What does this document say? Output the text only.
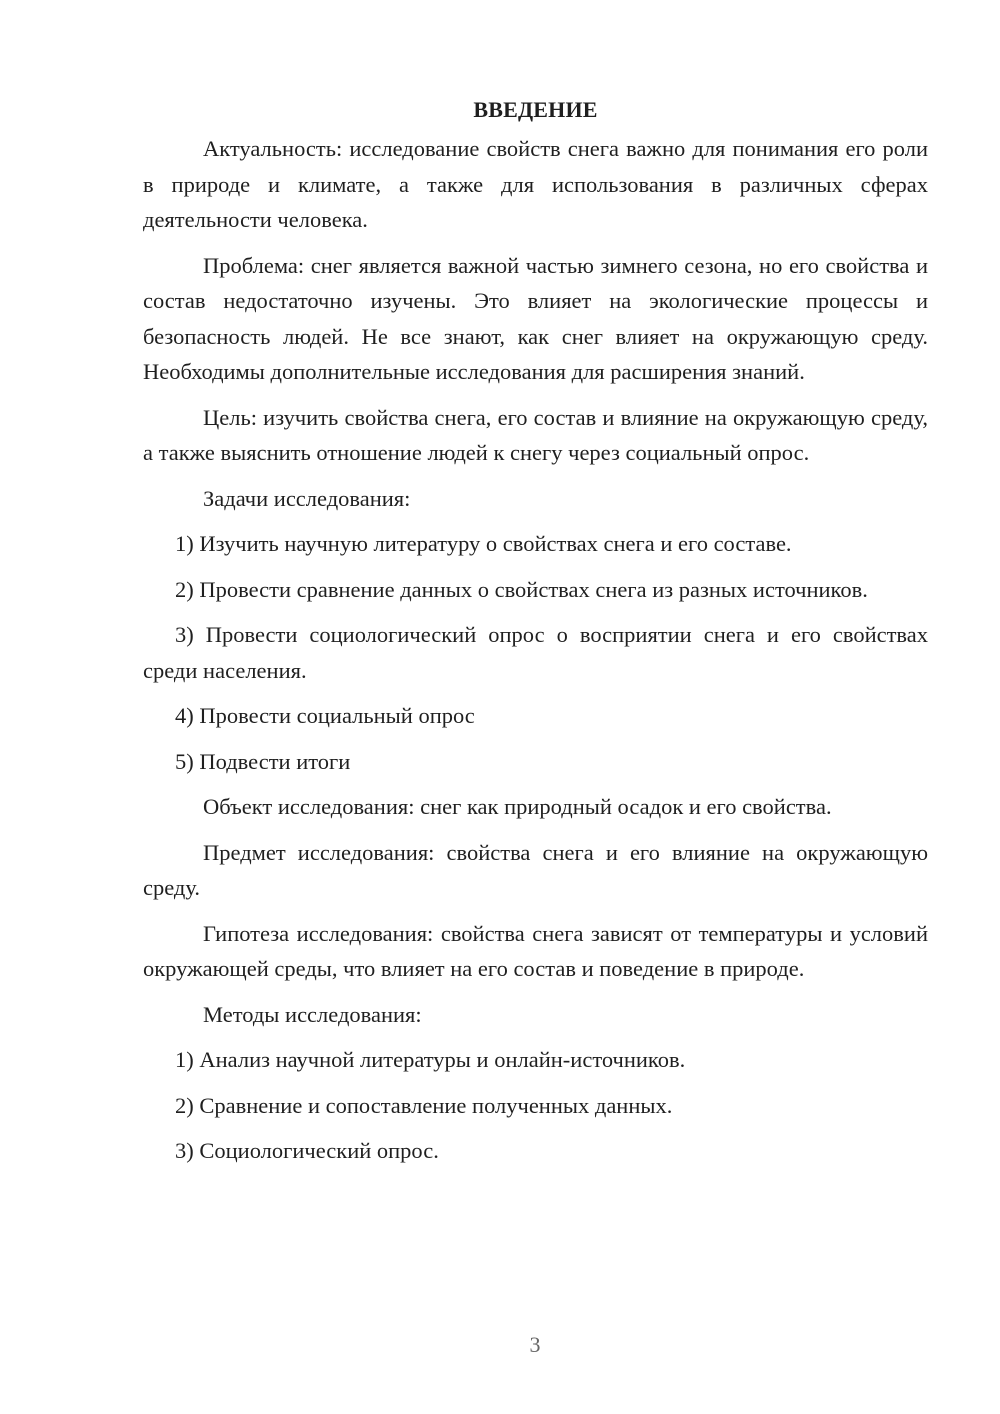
ВВЕДЕНИЕ

Актуальность: исследование свойств снега важно для понимания его роли в природе и климате, а также для использования в различных сферах деятельности человека.

Проблема: снег является важной частью зимнего сезона, но его свойства и состав недостаточно изучены. Это влияет на экологические процессы и безопасность людей. Не все знают, как снег влияет на окружающую среду. Необходимы дополнительные исследования для расширения знаний.

Цель: изучить свойства снега, его состав и влияние на окружающую среду, а также выяснить отношение людей к снегу через социальный опрос.

Задачи исследования:

1) Изучить научную литературу о свойствах снега и его составе.

2) Провести сравнение данных о свойствах снега из разных источников.

3) Провести социологический опрос о восприятии снега и его свойствах среди населения.

4) Провести социальный опрос

5) Подвести итоги

Объект исследования: снег как природный осадок и его свойства.

Предмет исследования: свойства снега и его влияние на окружающую среду.

Гипотеза исследования: свойства снега зависят от температуры и условий окружающей среды, что влияет на его состав и поведение в природе.

Методы исследования:

1) Анализ научной литературы и онлайн-источников.

2) Сравнение и сопоставление полученных данных.

3) Социологический опрос.

3
